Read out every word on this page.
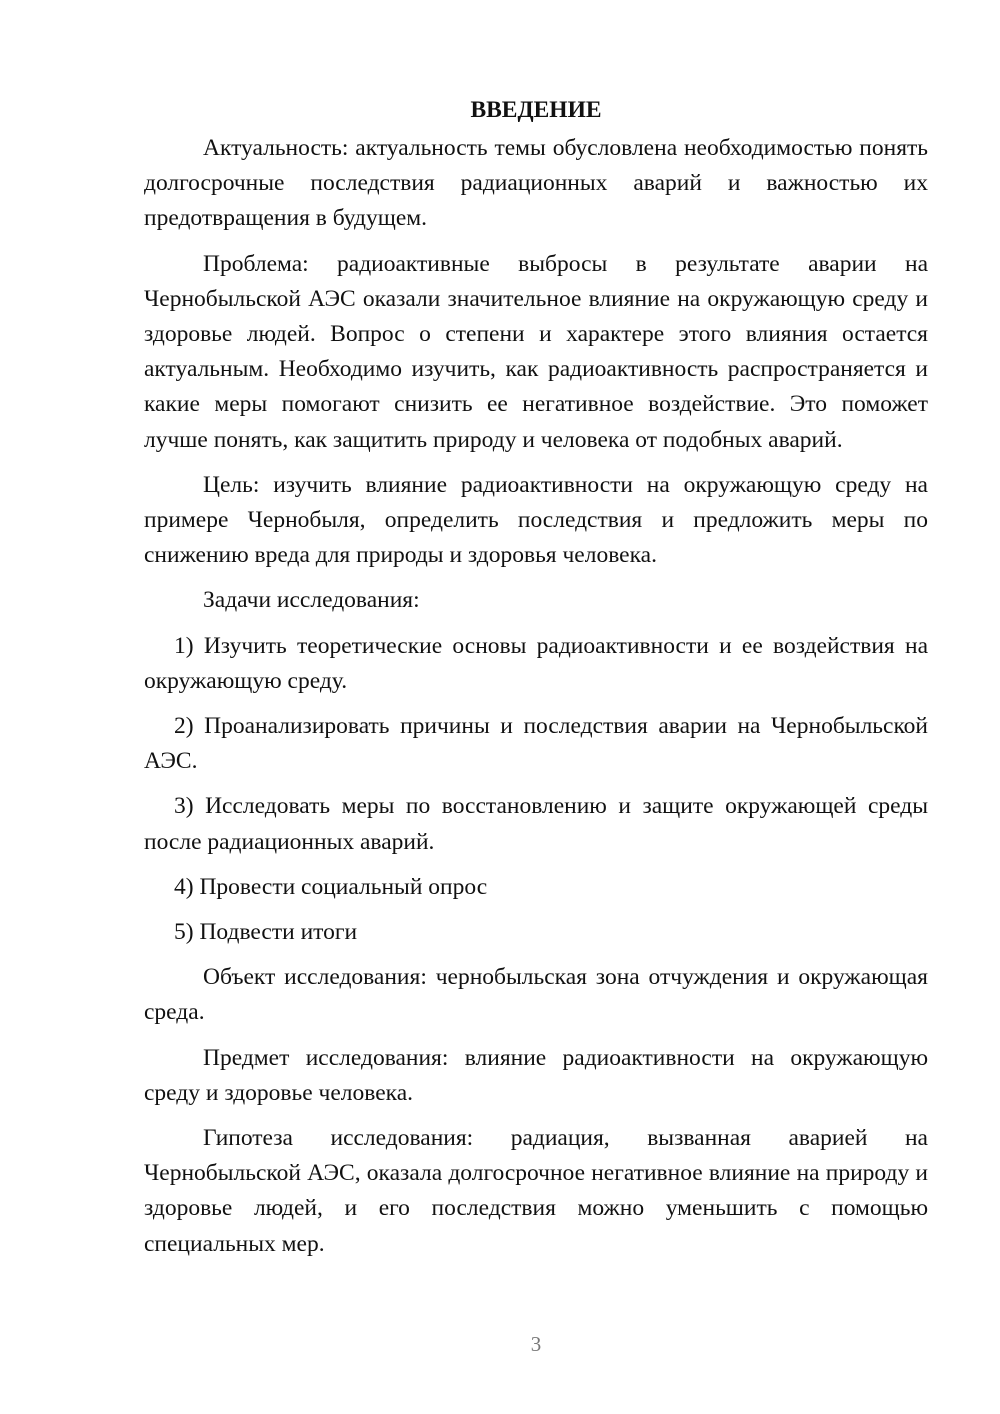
ВВЕДЕНИЕ

Актуальность: актуальность темы обусловлена необходимостью понять долгосрочные последствия радиационных аварий и важностью их предотвращения в будущем.

Проблема: радиоактивные выбросы в результате аварии на Чернобыльской АЭС оказали значительное влияние на окружающую среду и здоровье людей. Вопрос о степени и характере этого влияния остается актуальным. Необходимо изучить, как радиоактивность распространяется и какие меры помогают снизить ее негативное воздействие. Это поможет лучше понять, как защитить природу и человека от подобных аварий.

Цель: изучить влияние радиоактивности на окружающую среду на примере Чернобыля, определить последствия и предложить меры по снижению вреда для природы и здоровья человека.

Задачи исследования:

1) Изучить теоретические основы радиоактивности и ее воздействия на окружающую среду.

2) Проанализировать причины и последствия аварии на Чернобыльской АЭС.

3) Исследовать меры по восстановлению и защите окружающей среды после радиационных аварий.

4) Провести социальный опрос

5) Подвести итоги

Объект исследования: чернобыльская зона отчуждения и окружающая среда.

Предмет исследования: влияние радиоактивности на окружающую среду и здоровье человека.

Гипотеза исследования: радиация, вызванная аварией на Чернобыльской АЭС, оказала долгосрочное негативное влияние на природу и здоровье людей, и его последствия можно уменьшить с помощью специальных мер.

3
